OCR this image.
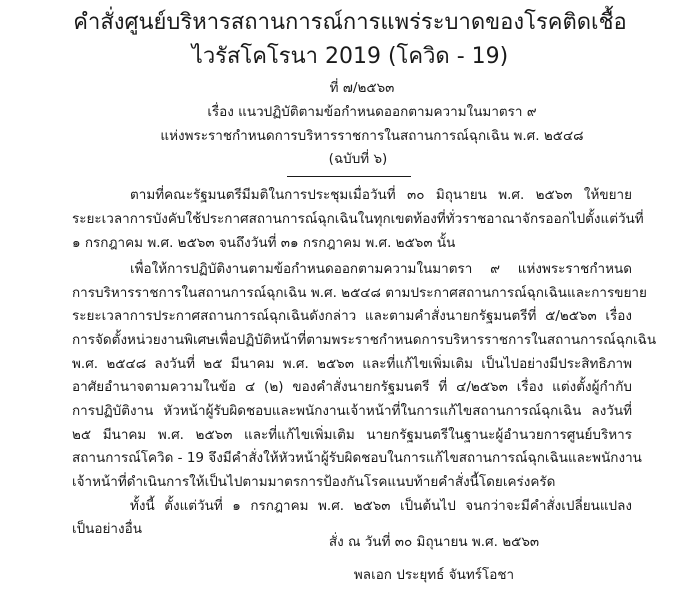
คำสั่งศูนย์บริหารสถานการณ์การแพร่ระบาดของโรคติดเชื้อ
ไวรัสโคโรนา 2019 (โควิด - 19)
ที่ ๗/๒๕๖๓
เรื่อง แนวปฏิบัติตามข้อกำหนดออกตามความในมาตรา ๙
แห่งพระราชกำหนดการบริหารราชการในสถานการณ์ฉุกเฉิน พ.ศ. ๒๕๔๘
(ฉบับที่ ๖)
ตามที่คณะรัฐมนตรีมีมติในการประชุมเมื่อวันที่ ๓๐ มิถุนายน พ.ศ. ๒๕๖๓ ให้ขยาย
ระยะเวลาการบังคับใช้ประกาศสถานการณ์ฉุกเฉินในทุกเขตท้องที่ทั่วราชอาณาจักรออกไปตั้งแต่วันที่
๑ กรกฎาคม พ.ศ. ๒๕๖๓ จนถึงวันที่ ๓๑ กรกฎาคม พ.ศ. ๒๕๖๓ นั้น
เพื่อให้การปฏิบัติงานตามข้อกำหนดออกตามความในมาตรา ๙ แห่งพระราชกำหนด
การบริหารราชการในสถานการณ์ฉุกเฉิน พ.ศ. ๒๕๔๘ ตามประกาศสถานการณ์ฉุกเฉินและการขยาย
ระยะเวลาการประกาศสถานการณ์ฉุกเฉินดังกล่าว และตามคำสั่งนายกรัฐมนตรีที่ ๕/๒๕๖๓ เรื่อง
การจัดตั้งหน่วยงานพิเศษเพื่อปฏิบัติหน้าที่ตามพระราชกำหนดการบริหารราชการในสถานการณ์ฉุกเฉิน
พ.ศ. ๒๕๔๘ ลงวันที่ ๒๕ มีนาคม พ.ศ. ๒๕๖๓ และที่แก้ไขเพิ่มเติม เป็นไปอย่างมีประสิทธิภาพ
อาศัยอำนาจตามความในข้อ ๔ (๒) ของคำสั่งนายกรัฐมนตรี ที่ ๔/๒๕๖๓ เรื่อง แต่งตั้งผู้กำกับ
การปฏิบัติงาน หัวหน้าผู้รับผิดชอบและพนักงานเจ้าหน้าที่ในการแก้ไขสถานการณ์ฉุกเฉิน ลงวันที่
๒๕ มีนาคม พ.ศ. ๒๕๖๓ และที่แก้ไขเพิ่มเติม นายกรัฐมนตรีในฐานะผู้อำนวยการศูนย์บริหาร
สถานการณ์โควิด - 19 จึงมีคำสั่งให้หัวหน้าผู้รับผิดชอบในการแก้ไขสถานการณ์ฉุกเฉินและพนักงาน
เจ้าหน้าที่ดำเนินการให้เป็นไปตามมาตรการป้องกันโรคแนบท้ายคำสั่งนี้โดยเคร่งครัด
ทั้งนี้ ตั้งแต่วันที่ ๑ กรกฎาคม พ.ศ. ๒๕๖๓ เป็นต้นไป จนกว่าจะมีคำสั่งเปลี่ยนแปลง
เป็นอย่างอื่น
สั่ง ณ วันที่ ๓๐ มิถุนายน พ.ศ. ๒๕๖๓
พลเอก ประยุทธ์ จันทร์โอชา
